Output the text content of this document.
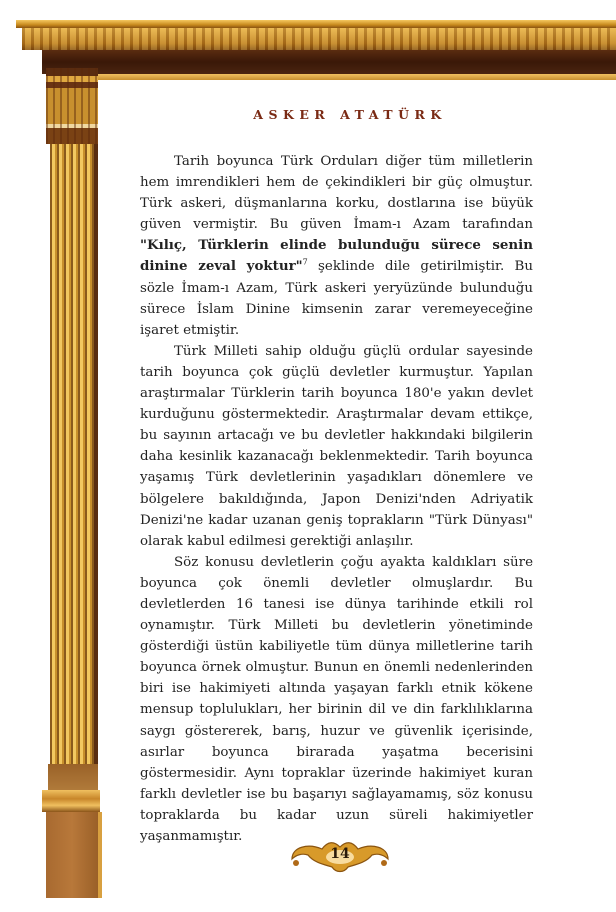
ASKER ATATÜRK

Tarih boyunca Türk Orduları diğer tüm milletlerin hem imrendikleri hem de çekindikleri bir güç olmuştur. Türk askeri, düşmanlarına korku, dostlarına ise büyük güven vermiştir. Bu güven İmam-ı Azam tarafından "Kılıç, Türklerin elinde bulunduğu sürece senin dinine zeval yoktur"$^7$ şeklinde dile getirilmiştir. Bu sözle İmam-ı Azam, Türk askeri yeryüzünde bulunduğu sürece İslam Dinine kimsenin zarar veremeyeceğine işaret etmiştir.

Türk Milleti sahip olduğu güçlü ordular sayesinde tarih boyunca çok güçlü devletler kurmuştur. Yapılan araştırmalar Türklerin tarih boyunca 180'e yakın devlet kurduğunu göstermektedir. Araştırmalar devam ettikçe, bu sayının artacağı ve bu devletler hakkındaki bilgilerin daha kesinlik kazanacağı beklenmektedir. Tarih boyunca yaşamış Türk devletlerinin yaşadıkları dönemlere ve bölgelere bakıldığında, Japon Denizi'nden Adriyatik Denizi'ne kadar uzanan geniş toprakların "Türk Dünyası" olarak kabul edilmesi gerektiği anlaşılır.

Söz konusu devletlerin çoğu ayakta kaldıkları süre boyunca çok önemli devletler olmuşlardır. Bu devletlerden 16 tanesi ise dünya tarihinde etkili rol oynamıştır. Türk Milleti bu devletlerin yönetiminde gösterdiği üstün kabiliyetle tüm dünya milletlerine tarih boyunca örnek olmuştur. Bunun en önemli nedenlerinden biri ise hakimiyeti altında yaşayan farklı etnik kökene mensup toplulukları, her birinin dil ve din farklılıklarına saygı göstererek, barış, huzur ve güvenlik içerisinde, asırlar boyunca birarada yaşatma becerisini göstermesidir. Aynı topraklar üzerinde hakimiyet kuran farklı devletler ise bu başarıyı sağlayamamış, söz konusu topraklarda bu kadar uzun süreli hakimiyetler yaşanmamıştır.

14
